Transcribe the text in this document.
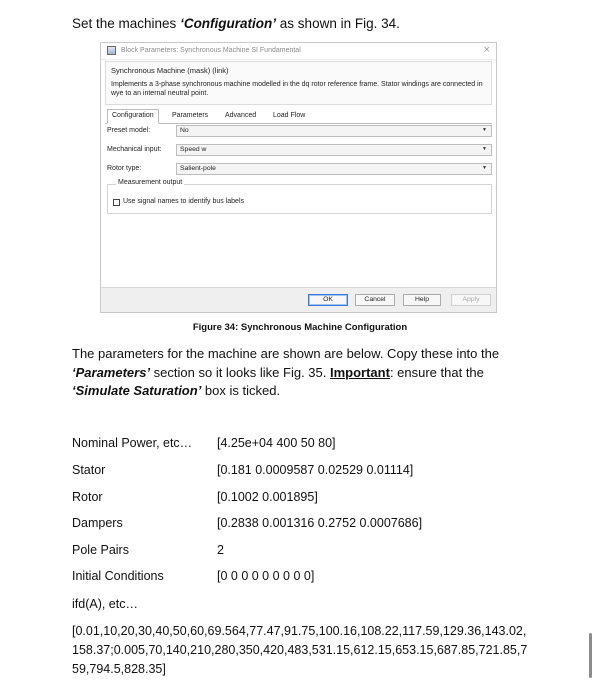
Set the machines ‘Configuration’ as shown in Fig. 34.
Block Parameters: Synchronous Machine SI Fundamental	×
Synchronous Machine (mask) (link)
Implements a 3-phase synchronous machine modelled in the dq rotor reference frame. Stator windings are connected in wye to an internal neutral point.
Configuration	Parameters	Advanced	Load Flow
Preset model:	No	▼
Mechanical input:	Speed w	▼
Rotor type:	Salient-pole	▼
Measurement output
Use signal names to identify bus labels
OK	Cancel	Help	Apply
Figure 34: Synchronous Machine Configuration
The parameters for the machine are shown are below. Copy these into the ‘Parameters’ section so it looks like Fig. 35. Important: ensure that the ‘Simulate Saturation’ box is ticked.
Nominal Power, etc… [4.25e+04 400 50 80]
Stator	[0.181 0.0009587 0.02529 0.01114]
Rotor	[0.1002 0.001895]
Dampers	[0.2838 0.001316 0.2752 0.0007686]
Pole Pairs	2
Initial Conditions	[0 0 0 0 0 0 0 0 0]
ifd(A), etc…
[0.01,10,20,30,40,50,60,69.564,77.47,91.75,100.16,108.22,117.59,129.36,143.02,158.37;0.005,70,140,210,280,350,420,483,531.15,612.15,653.15,687.85,721.85,759,794.5,828.35]
